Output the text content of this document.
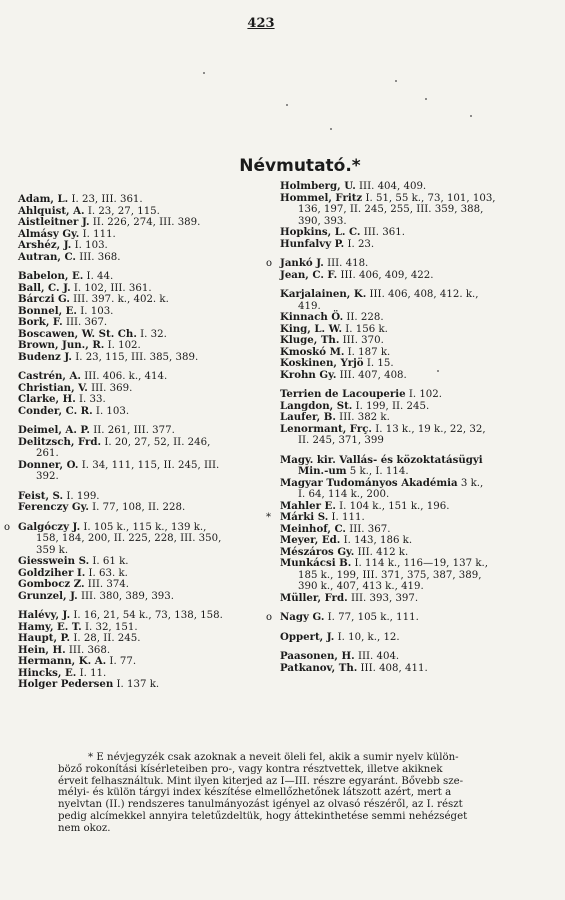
423
Névmutató.*
Adam, L. I. 23, III. 361.
Ahlquist, A. I. 23, 27, 115.
Aistleitner J. II. 226, 274, III. 389.
Almásy Gy. I. 111.
Arshéz, J. I. 103.
Autran, C. III. 368.
Babelon, E. I. 44.
Ball, C. J. I. 102, III. 361.
Bárczi G. III. 397. k., 402. k.
Bonnel, E. I. 103.
Bork, F. III. 367.
Boscawen, W. St. Ch. I. 32.
Brown, Jun., R. I. 102.
Budenz J. I. 23, 115, III. 385, 389.
Castrén, A. III. 406. k., 414.
Christian, V. III. 369.
Clarke, H. I. 33.
Conder, C. R. I. 103.
Deimel, A. P. II. 261, III. 377.
Delitzsch, Frd. I. 20, 27, 52, II. 246,
261.
Donner, O. I. 34, 111, 115, II. 245, III.
392.
Feist, S. I. 199.
Ferenczy Gy. I. 77, 108, II. 228.
o Galgóczy J. I. 105 k., 115 k., 139 k.,
158, 184, 200, II. 225, 228, III. 350,
359 k.
Giesswein S. I. 61 k.
Goldziher I. I. 63. k.
Gombocz Z. III. 374.
Grunzel, J. III. 380, 389, 393.
Halévy, J. I. 16, 21, 54 k., 73, 138, 158.
Hamy, E. T. I. 32, 151.
Haupt, P. I. 28, II. 245.
Hein, H. III. 368.
Hermann, K. A. I. 77.
Hincks, E. I. 11.
Holger Pedersen I. 137 k.
Holmberg, U. III. 404, 409.
Hommel, Fritz I. 51, 55 k., 73, 101, 103,
136, 197, II. 245, 255, III. 359, 388,
390, 393.
Hopkins, L. C. III. 361.
Hunfalvy P. I. 23.
o Jankó J. III. 418.
Jean, C. F. III. 406, 409, 422.
Karjalainen, K. III. 406, 408, 412. k.,
419.
Kinnach Ö. II. 228.
King, L. W. I. 156 k.
Kluge, Th. III. 370.
Kmoskó M. I. 187 k.
Koskinen, Yrjö I. 15.
Krohn Gy. III. 407, 408.
Terrien de Lacouperie I. 102.
Langdon, St. I. 199, II. 245.
Laufer, B. III. 382 k.
Lenormant, Frç. I. 13 k., 19 k., 22, 32,
II. 245, 371, 399
Magy. kir. Vallás- és közoktatásügyi
Min.-um 5 k., I. 114.
Magyar Tudományos Akadémia 3 k.,
I. 64, 114 k., 200.
Mahler E. I. 104 k., 151 k., 196.
* Márki S. I. 111.
Meinhof, C. III. 367.
Meyer, Ed. I. 143, 186 k.
Mészáros Gy. III. 412 k.
Munkácsi B. I. 114 k., 116—19, 137 k.,
185 k., 199, III. 371, 375, 387, 389,
390 k., 407, 413 k., 419.
Müller, Frd. III. 393, 397.
o Nagy G. I. 77, 105 k., 111.
Oppert, J. I. 10, k., 12.
Paasonen, H. III. 404.
Patkanov, Th. III. 408, 411.
* E névjegyzék csak azoknak a neveit öleli fel, akik a sumir nyelv külön-
böző rokonítási kísérleteiben pro-, vagy kontra résztvettek, illetve akiknek
érveit felhasználtuk. Mint ilyen kiterjed az I—III. részre egyaránt. Bővebb sze-
mélyi- és külön tárgyi index készítése elmellőzhetőnek látszott azért, mert a
nyelvtan (II.) rendszeres tanulmányozást igényel az olvasó részéről, az I. részt
pedig alcímekkel annyira teletűzdeltük, hogy áttekinthetése semmi nehézséget
nem okoz.
